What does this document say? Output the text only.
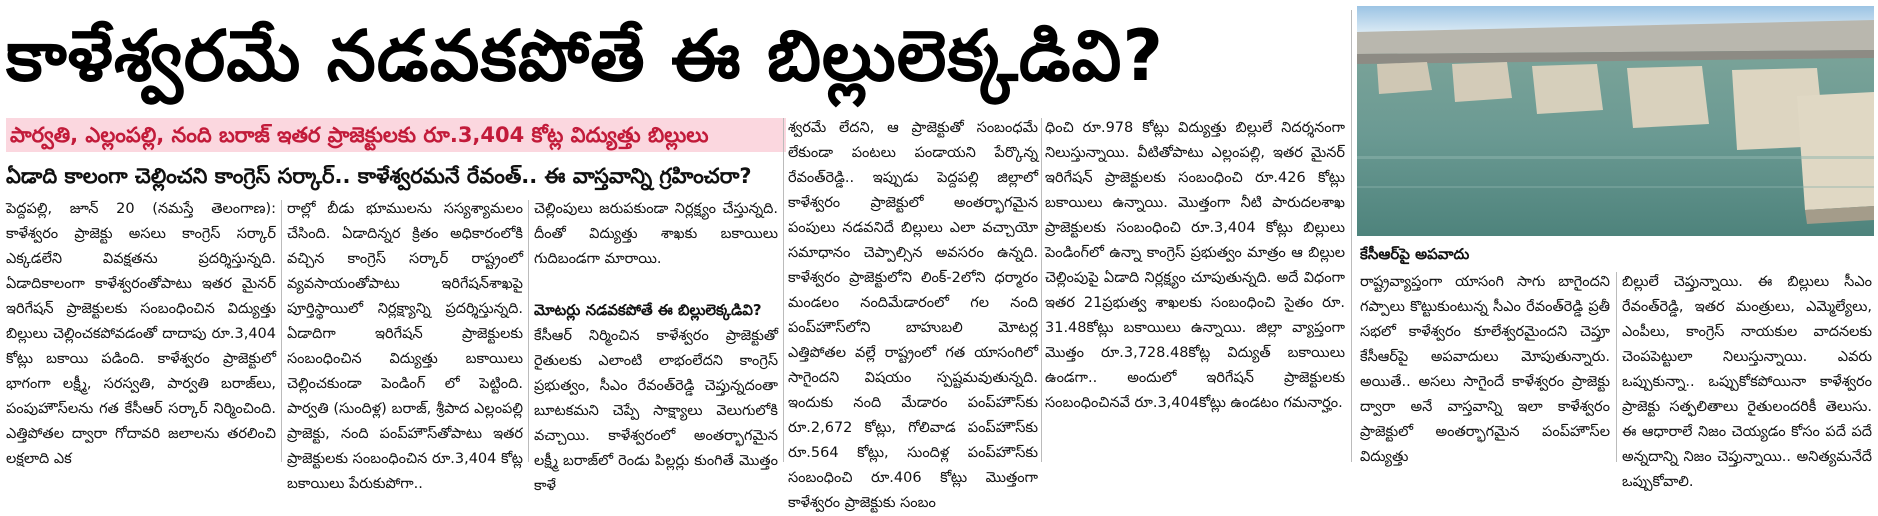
కాళేశ్వరమే నడవకపోతే ఈ బిల్లులెక్కడివి?
పార్వతి, ఎల్లంపల్లి, నంది బరాజ్ ఇతర ప్రాజెక్టులకు రూ.3,404 కోట్ల విద్యుత్తు బిల్లులు
ఏడాది కాలంగా చెల్లించని కాంగ్రెస్ సర్కార్.. కాళేశ్వరమనే రేవంత్.. ఈ వాస్తవాన్ని గ్రహించరా?

పెద్దపల్లి, జూన్ 20 (నమస్తే తెలంగాణ): కాళేశ్వరం ప్రాజెక్టు అసలు కాంగ్రెస్ సర్కార్ ఎక్కడలేని వివక్షతను ప్రదర్శిస్తున్నది. ఏడాదికాలంగా కాళేశ్వరంతోపాటు ఇతర మైనర్ ఇరిగేషన్ ప్రాజెక్టులకు సంబంధించిన విద్యుత్తు బిల్లులు చెల్లించకపోవడంతో దాదాపు రూ.3,404 కోట్లు బకాయి పడింది. కాళేశ్వరం ప్రాజెక్టులో భాగంగా లక్ష్మీ, సరస్వతి, పార్వతి బరాజ్‌లు, పంపుహౌస్‌లను గత కేసీఆర్ సర్కార్ నిర్మించింది. ఎత్తిపోతల ద్వారా గోదావరి జలాలను తరలించి లక్షలాది ఎక

రాల్లో బీడు భూములను సస్యశ్యామలం చేసింది. ఏడాదిన్నర క్రితం అధికారంలోకి వచ్చిన కాంగ్రెస్ సర్కార్ రాష్ట్రంలో వ్యవసాయంతోపాటు ఇరిగేషన్‌శాఖపై పూర్తిస్థాయిలో నిర్లక్ష్యాన్ని ప్రదర్శిస్తున్నది. ఏడాదిగా ఇరిగేషన్ ప్రాజెక్టులకు సంబంధించిన విద్యుత్తు బకాయిలు చెల్లించకుండా పెండింగ్ లో పెట్టింది. పార్వతి (సుందిళ్ల) బరాజ్, శ్రీపాద ఎల్లంపల్లి ప్రాజెక్టు, నంది పంప్‌హౌస్‌తోపాటు ఇతర ప్రాజెక్టులకు సంబంధించిన రూ.3,404 కోట్ల బకాయిలు పేరుకుపోగా..

చెల్లింపులు జరుపకుండా నిర్లక్ష్యం చేస్తున్నది. దీంతో విద్యుత్తు శాఖకు బకాయిలు గుదిబండగా మారాయి.

మోటర్లు నడవకపోతే ఈ బిల్లులెక్కడివి?

కేసీఆర్ నిర్మించిన కాళేశ్వరం ప్రాజెక్టుతో రైతులకు ఎలాంటి లాభంలేదని కాంగ్రెస్ ప్రభుత్వం, సీఎం రేవంత్‌రెడ్డి చెప్తున్నదంతా బూటకమని చెప్పే సాక్ష్యాలు వెలుగులోకి వచ్చాయి. కాళేశ్వరంలో అంతర్భాగమైన లక్ష్మీ బరాజ్‌లో రెండు పిల్లర్లు కుంగితే మొత్తం కాళే

శ్వరమే లేదని, ఆ ప్రాజెక్టుతో సంబంధమే లేకుండా పంటలు పండాయని పేర్కొన్న రేవంత్‌రెడ్డి.. ఇప్పుడు పెద్దపల్లి జిల్లాలో కాళేశ్వరం ప్రాజెక్టులో అంతర్భాగమైన పంపులు నడవనిదే బిల్లులు ఎలా వచ్చాయో సమాధానం చెప్పాల్సిన అవసరం ఉన్నది. కాళేశ్వరం ప్రాజెక్టులోని లింక్-2లోని ధర్మారం మండలం నందిమేడారంలో గల నంది పంప్‌హౌస్‌లోని బాహుబలి మోటర్ల ఎత్తిపోతల వల్లే రాష్ట్రంలో గత యాసంగిలో సాగైందని విషయం స్పష్టమవుతున్నది. ఇందుకు నంది మేడారం పంప్‌హౌస్‌కు రూ.2,672 కోట్లు, గోలివాడ పంప్‌హౌస్‌కు రూ.564 కోట్లు, సుందిళ్ల పంప్‌హౌస్‌కు సంబంధించి రూ.406 కోట్లు మొత్తంగా కాళేశ్వరం ప్రాజెక్టుకు సంబం

ధించి రూ.978 కోట్లు విద్యుత్తు బిల్లులే నిదర్శనంగా నిలుస్తున్నాయి. వీటితోపాటు ఎల్లంపల్లి, ఇతర మైనర్ ఇరిగేషన్ ప్రాజెక్టులకు సంబంధించి రూ.426 కోట్లు బకాయిలు ఉన్నాయి. మొత్తంగా నీటి పారుదలశాఖ ప్రాజెక్టులకు సంబంధించి రూ.3,404 కోట్లు బిల్లులు పెండింగ్‌లో ఉన్నా కాంగ్రెస్ ప్రభుత్వం మాత్రం ఆ బిల్లుల చెల్లింపుపై ఏడాది నిర్లక్ష్యం చూపుతున్నది. అదే విధంగా ఇతర 21ప్రభుత్వ శాఖలకు సంబంధించి సైతం రూ. 31.48కోట్లు బకాయిలు ఉన్నాయి. జిల్లా వ్యాప్తంగా మొత్తం రూ.3,728.48కోట్ల విద్యుత్ బకాయిలు ఉండగా.. అందులో ఇరిగేషన్ ప్రాజెక్టులకు సంబంధించినవే రూ.3,404కోట్లు ఉండటం గమనార్హం.

కేసీఆర్‌పై అపవాదు

రాష్ట్రవ్యాప్తంగా యాసంగి సాగు బాగైందని గప్పాలు కొట్టుకుంటున్న సీఎం రేవంత్‌రెడ్డి ప్రతీ సభలో కాళేశ్వరం కూలేశ్వరమైందని చెప్తూ కేసీఆర్‌పై అపవాదులు మోపుతున్నారు. అయితే.. అసలు సాగైందే కాళేశ్వరం ప్రాజెక్టు ద్వారా అనే వాస్తవాన్ని ఇలా కాళేశ్వరం ప్రాజెక్టులో అంతర్భాగమైన పంప్‌హౌస్‌ల విద్యుత్తు

బిల్లులే చెప్తున్నాయి. ఈ బిల్లులు సీఎం రేవంత్‌రెడ్డి, ఇతర మంత్రులు, ఎమ్మెల్యేలు, ఎంపీలు, కాంగ్రెస్ నాయకుల వాదనలకు చెంపపెట్టులా నిలుస్తున్నాయి. ఎవరు ఒప్పుకున్నా.. ఒప్పుకోకపోయినా కాళేశ్వరం ప్రాజెక్టు సత్ఫలితాలు రైతులందరికీ తెలుసు. ఈ ఆధారాలే నిజం చెయ్యడం కోసం పదే పదే అన్నదాన్ని నిజం చెప్తున్నాయి.. అనిత్యమనేదే ఒప్పుకోవాలి.
